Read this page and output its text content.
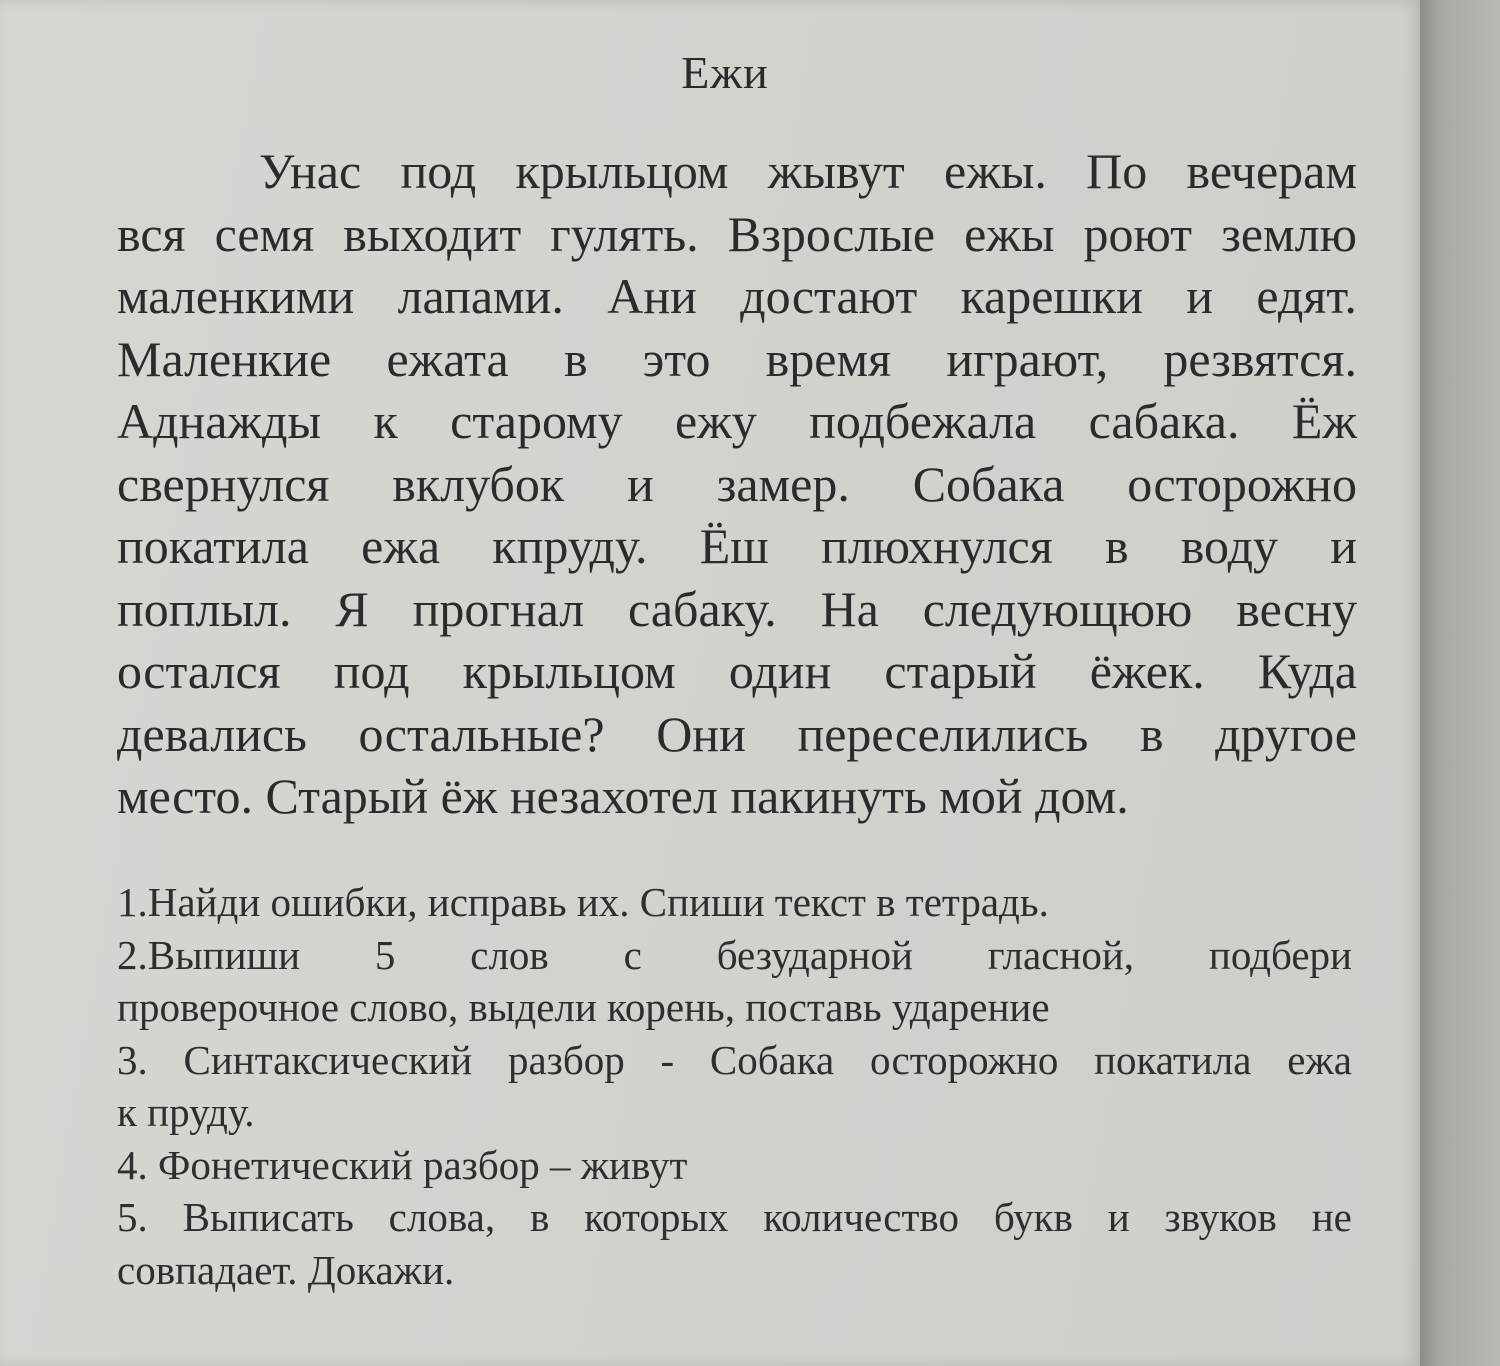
Ежи
Унас под крыльцом жывут ежы. По вечерам
вся семя выходит гулять. Взрослые ежы роют землю
маленкими лапами. Ани достают карешки и едят.
Маленкие ежата в это время играют, резвятся.
Аднажды к старому ежу подбежала сабака. Ёж
свернулся вклубок и замер. Собака осторожно
покатила ежа кпруду. Ёш плюхнулся в воду и
поплыл. Я прогнал сабаку. На следующюю весну
остался под крыльцом один старый ёжек. Куда
девались остальные? Они переселились в другое
место. Старый ёж незахотел пакинуть мой дом.
1.Найди ошибки, исправь их. Спиши текст в тетрадь.
2.Выпиши 5 слов с безударной гласной, подбери
проверочное слово, выдели корень, поставь ударение
3. Синтаксический разбор - Собака осторожно покатила ежа
к пруду.
4. Фонетический разбор – живут
5. Выписать слова, в которых количество букв и звуков не
совпадает. Докажи.
